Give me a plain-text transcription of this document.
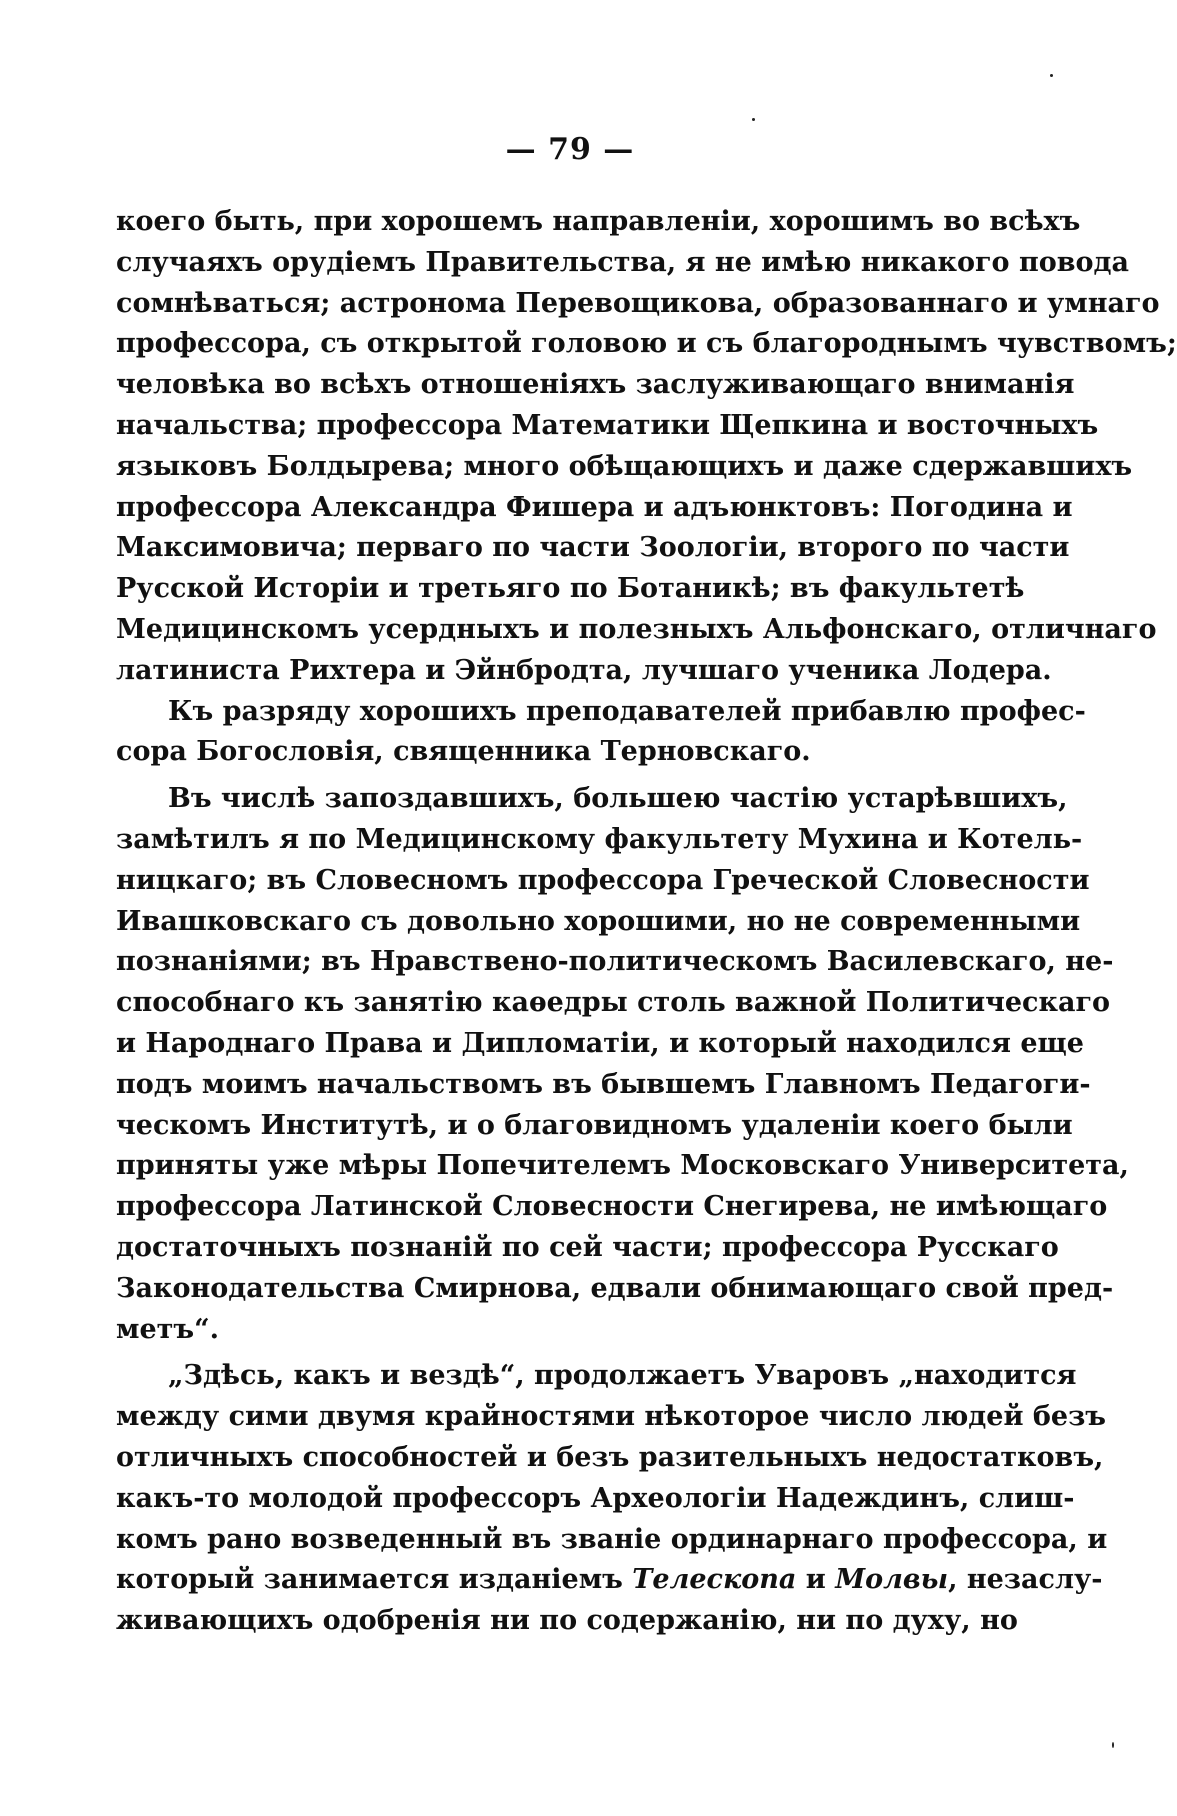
— 79 —
коего быть, при хорошемъ направленіи, хорошимъ во всѣхъ
случаяхъ орудіемъ Правительства, я не имѣю никакого повода
сомнѣваться; астронома Перевощикова, образованнаго и умнаго
профессора, съ открытой головою и съ благороднымъ чувствомъ;
человѣка во всѣхъ отношеніяхъ заслуживающаго вниманія
начальства; профессора Математики Щепкина и восточныхъ
языковъ Болдырева; много обѣщающихъ и даже сдержавшихъ
профессора Александра Фишера и адъюнктовъ: Погодина и
Максимовича; перваго по части Зоологіи, второго по части
Русской Исторіи и третьяго по Ботаникѣ; въ факультетѣ
Медицинскомъ усердныхъ и полезныхъ Альфонскаго, отличнаго
латиниста Рихтера и Эйнбродта, лучшаго ученика Лодера.
Къ разряду хорошихъ преподавателей прибавлю профес-
сора Богословія, священника Терновскаго.
Въ числѣ запоздавшихъ, большею частію устарѣвшихъ,
замѣтилъ я по Медицинскому факультету Мухина и Котель-
ницкаго; въ Словесномъ профессора Греческой Словесности
Ивашковскаго съ довольно хорошими, но не современными
познаніями; въ Нравствено-политическомъ Василевскаго, не-
способнаго къ занятію каѳедры столь важной Политическаго
и Народнаго Права и Дипломатіи, и который находился еще
подъ моимъ начальствомъ въ бывшемъ Главномъ Педагоги-
ческомъ Институтѣ, и о благовидномъ удаленіи коего были
приняты уже мѣры Попечителемъ Московскаго Университета,
профессора Латинской Словесности Снегирева, не имѣющаго
достаточныхъ познаній по сей части; профессора Русскаго
Законодательства Смирнова, едвали обнимающаго свой пред-
метъ“.
„Здѣсь, какъ и вездѣ“, продолжаетъ Уваровъ „находится
между сими двумя крайностями нѣкоторое число людей безъ
отличныхъ способностей и безъ разительныхъ недостатковъ,
какъ-то молодой профессоръ Археологіи Надеждинъ, слиш-
комъ рано возведенный въ званіе ординарнаго профессора, и
который занимается изданіемъ Телескопа и Молвы, незаслу-
живающихъ одобренія ни по содержанію, ни по духу, но
